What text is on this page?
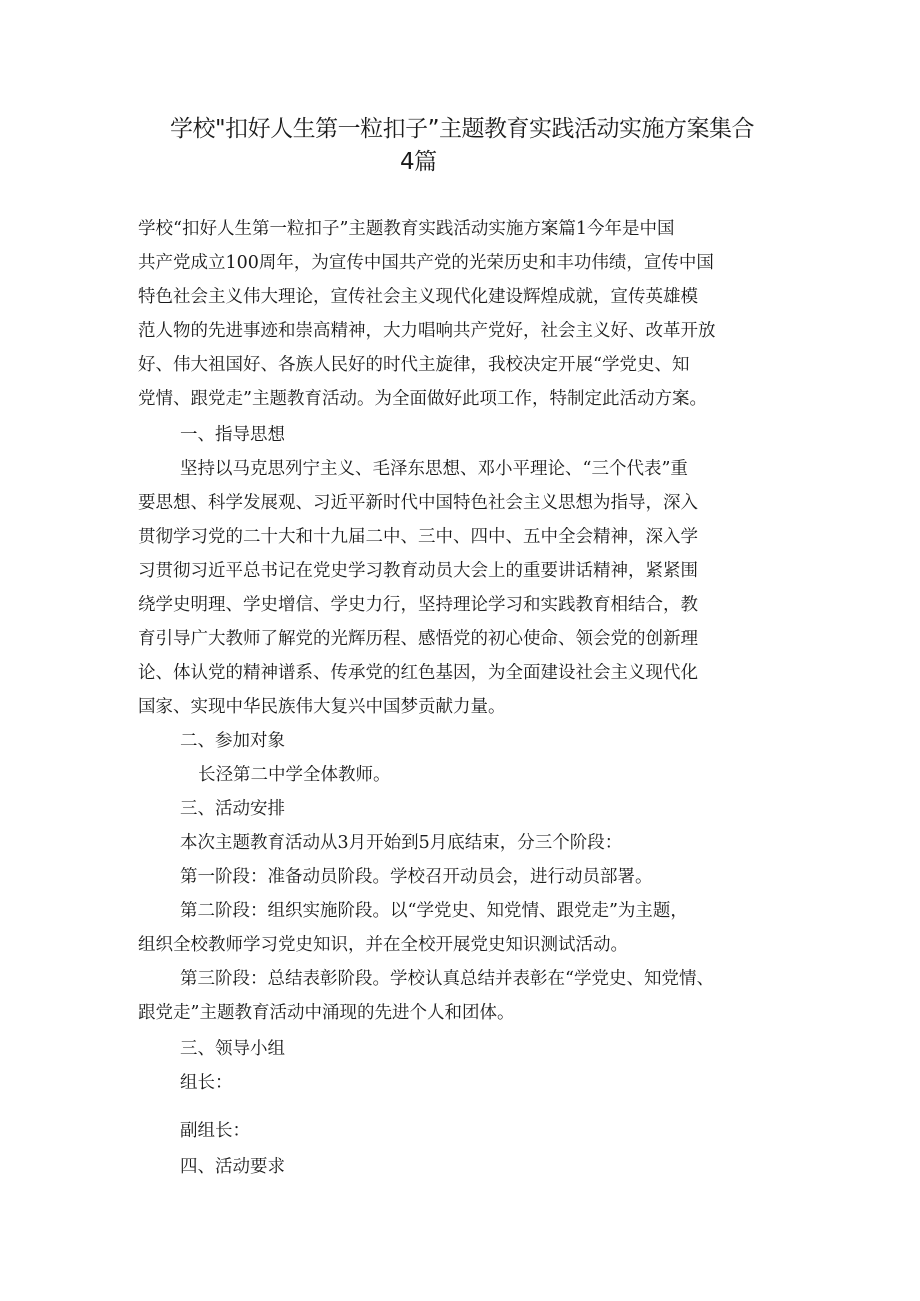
学校"扣好人生第一粒扣子”主题教育实践活动实施方案集合
4篇
学校“扣好人生第一粒扣子”主题教育实践活动实施方案篇1今年是中国
共产党成立100周年，为宣传中国共产党的光荣历史和丰功伟绩，宣传中国
特色社会主义伟大理论，宣传社会主义现代化建设辉煌成就，宣传英雄模
范人物的先进事迹和崇高精神，大力唱响共产党好，社会主义好、改革开放
好、伟大祖国好、各族人民好的时代主旋律，我校决定开展“学党史、知
党情、跟党走”主题教育活动。为全面做好此项工作，特制定此活动方案。
一、指导思想
坚持以马克思列宁主义、毛泽东思想、邓小平理论、“三个代表”重
要思想、科学发展观、习近平新时代中国特色社会主义思想为指导，深入
贯彻学习党的二十大和十九届二中、三中、四中、五中全会精神，深入学
习贯彻习近平总书记在党史学习教育动员大会上的重要讲话精神，紧紧围
绕学史明理、学史增信、学史力行，坚持理论学习和实践教育相结合，教
育引导广大教师了解党的光辉历程、感悟党的初心使命、领会党的创新理
论、体认党的精神谱系、传承党的红色基因，为全面建设社会主义现代化
国家、实现中华民族伟大复兴中国梦贡献力量。
二、参加对象
长泾第二中学全体教师。
三、活动安排
本次主题教育活动从3月开始到5月底结束，分三个阶段：
第一阶段：准备动员阶段。学校召开动员会，进行动员部署。
第二阶段：组织实施阶段。以“学党史、知党情、跟党走”为主题，
组织全校教师学习党史知识，并在全校开展党史知识测试活动。
第三阶段：总结表彰阶段。学校认真总结并表彰在“学党史、知党情、
跟党走”主题教育活动中涌现的先进个人和团体。
三、领导小组
组长：
副组长：
四、活动要求
